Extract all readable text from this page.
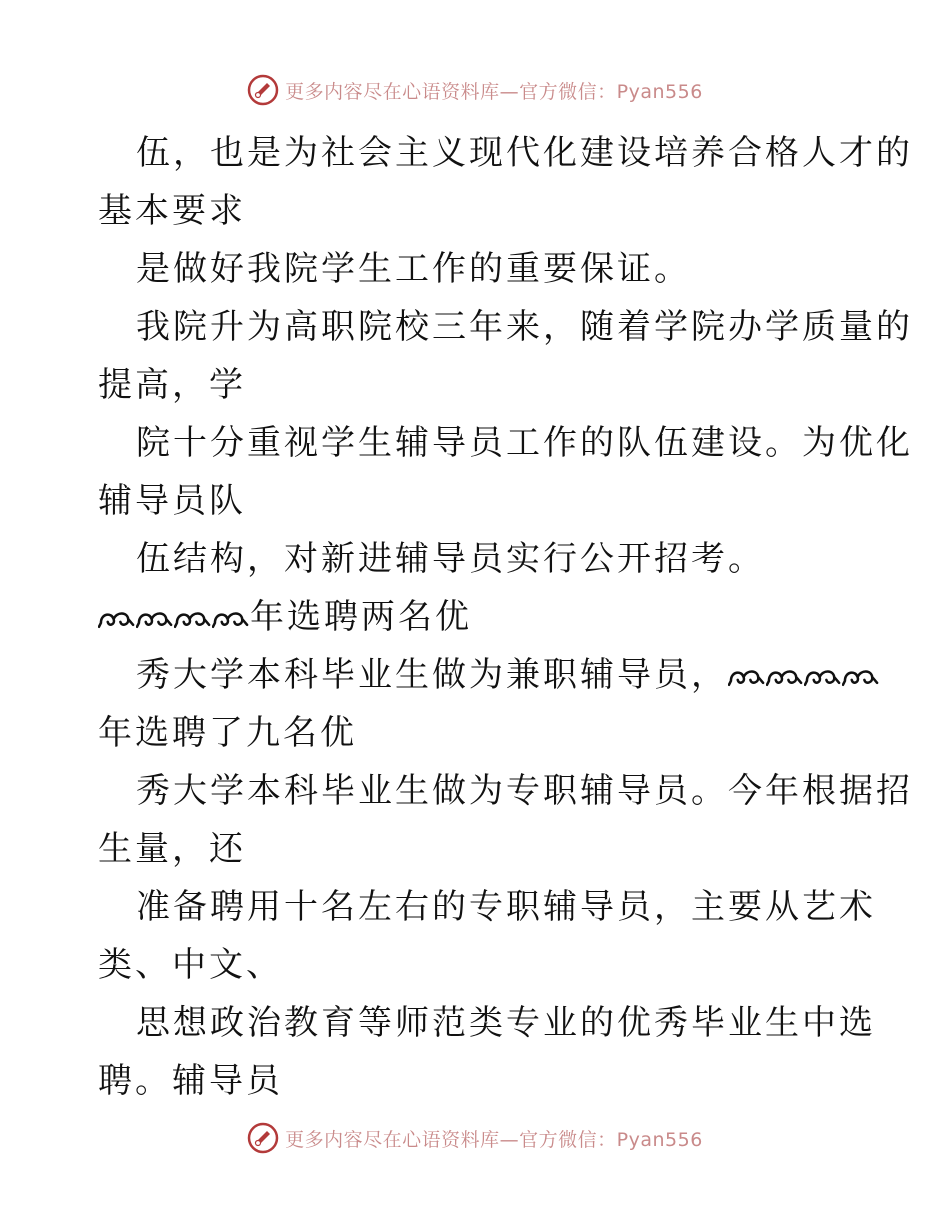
更多内容尽在心语资料库—官方微信：Pyan556
伍，也是为社会主义现代化建设培养合格人才的
基本要求
是做好我院学生工作的重要保证。
我院升为高职院校三年来，随着学院办学质量的
提高，学
院十分重视学生辅导员工作的队伍建设。为优化
辅导员队
伍结构，对新进辅导员实行公开招考。
年选聘两名优
秀大学本科毕业生做为兼职辅导员，
年选聘了九名优
秀大学本科毕业生做为专职辅导员。今年根据招
生量，还
准备聘用十名左右的专职辅导员，主要从艺术
类、中文、
思想政治教育等师范类专业的优秀毕业生中选
聘。辅导员
更多内容尽在心语资料库—官方微信：Pyan556
